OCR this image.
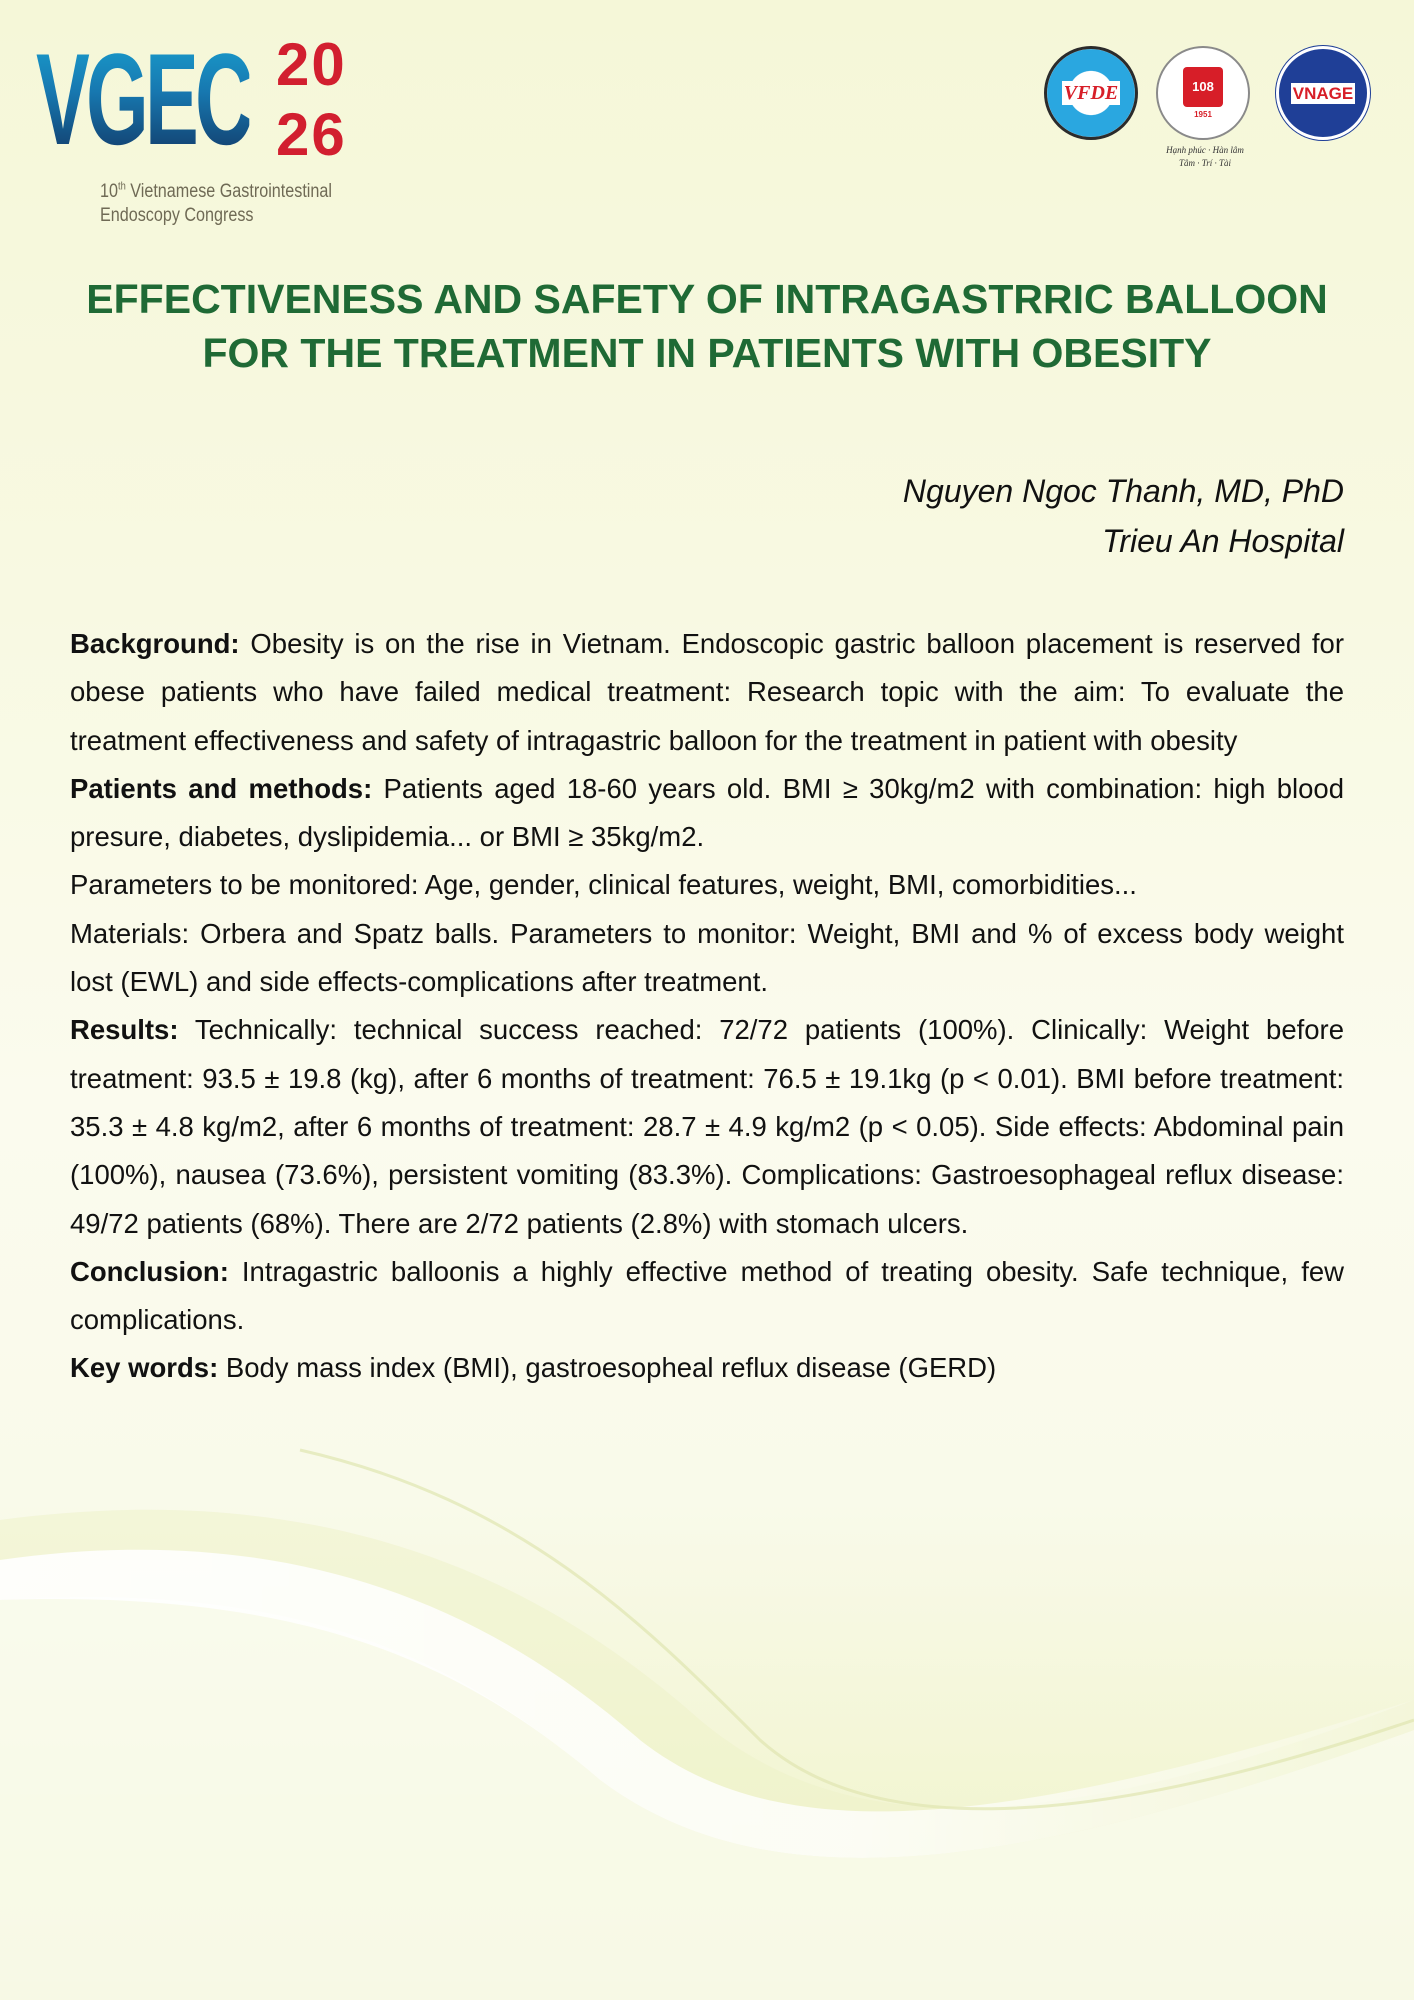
VGEC 20
26
10th Vietnamese Gastrointestinal
Endoscopy Congress
VFDE	108
1951
Hạnh phúc · Hàn lâm
Tâm · Trí · Tài
VNAGE
EFFECTIVENESS AND SAFETY OF INTRAGASTRRIC BALLOON
FOR THE TREATMENT IN PATIENTS WITH OBESITY
Nguyen Ngoc Thanh, MD, PhD
Trieu An Hospital

Background: Obesity is on the rise in Vietnam. Endoscopic gastric balloon placement is reserved for obese patients who have failed medical treatment: Research topic with the aim: To evaluate the treatment effectiveness and safety of intragastric balloon for the treatment in patient with obesity

Patients and methods: Patients aged 18-60 years old. BMI ≥ 30kg/m2 with combination: high blood presure, diabetes, dyslipidemia... or BMI ≥ 35kg/m2.

Parameters to be monitored: Age, gender, clinical features, weight, BMI, comorbidities...

Materials: Orbera and Spatz balls. Parameters to monitor: Weight, BMI and % of excess body weight lost (EWL) and side effects-complications after treatment.

Results: Technically: technical success reached: 72/72 patients (100%). Clinically: Weight before treatment: 93.5 ± 19.8 (kg), after 6 months of treatment: 76.5 ± 19.1kg (p < 0.01). BMI before treatment: 35.3 ± 4.8 kg/m2, after 6 months of treatment: 28.7 ± 4.9 kg/m2 (p < 0.05). Side effects: Abdominal pain (100%), nausea (73.6%), persistent vomiting (83.3%). Complications: Gastroesophageal reflux disease: 49/72 patients (68%). There are 2/72 patients (2.8%) with stomach ulcers.

Conclusion: Intragastric balloonis a highly effective method of treating obesity. Safe technique, few complications.

Key words: Body mass index (BMI), gastroesopheal reflux disease (GERD)
